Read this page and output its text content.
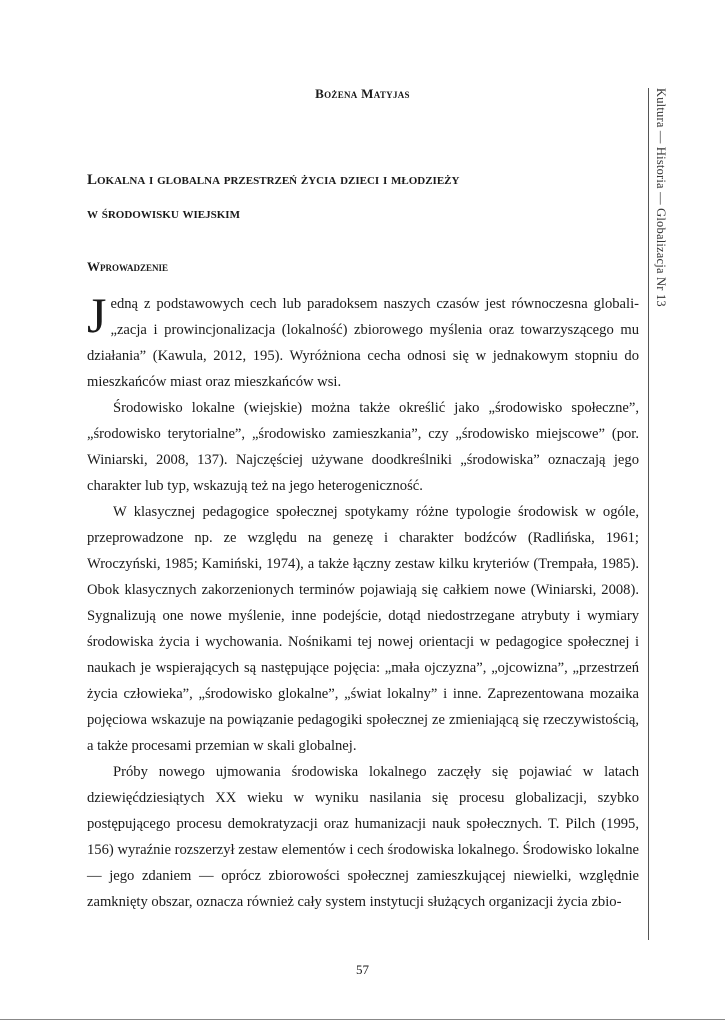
Bożena Matyjas
Lokalna i globalna przestrzeń życia dzieci i młodzieży
w środowisku wiejskim
Wprowadzenie

Jedną z podstawowych cech lub paradoksem naszych czasów jest równoczesna globali-„zacja i prowincjonalizacja (lokalność) zbiorowego myślenia oraz towarzyszącego mu działania” (Kawula, 2012, 195). Wyróżniona cecha odnosi się w jednakowym stopniu do mieszkańców miast oraz mieszkańców wsi.

Środowisko lokalne (wiejskie) można także określić jako „środowisko społeczne”, „środowisko terytorialne”, „środowisko zamieszkania”, czy „środowisko miejscowe” (por. Winiarski, 2008, 137). Najczęściej używane doodkreślniki „środowiska” oznaczają jego charakter lub typ, wskazują też na jego heterogeniczność.

W klasycznej pedagogice społecznej spotykamy różne typologie środowisk w ogóle, przeprowadzone np. ze względu na genezę i charakter bodźców (Radlińska, 1961; Wroczyński, 1985; Kamiński, 1974), a także łączny zestaw kilku kryteriów (Trempała, 1985). Obok klasycznych zakorzenionych terminów pojawiają się całkiem nowe (Winiarski, 2008). Sygnalizują one nowe myślenie, inne podejście, dotąd niedostrzegane atrybuty i wymiary środowiska życia i wychowania. Nośnikami tej nowej orientacji w pedagogice społecznej i naukach je wspierających są następujące pojęcia: „mała ojczyzna”, „ojcowizna”, „przestrzeń życia człowieka”, „środowisko glokalne”, „świat lokalny” i inne. Zaprezentowana mozaika pojęciowa wskazuje na powiązanie pedagogiki społecznej ze zmieniającą się rzeczywistością, a także procesami przemian w skali globalnej.

Próby nowego ujmowania środowiska lokalnego zaczęły się pojawiać w latach dziewięćdziesiątych XX wieku w wyniku nasilania się procesu globalizacji, szybko postępującego procesu demokratyzacji oraz humanizacji nauk społecznych. T. Pilch (1995, 156) wyraźnie rozszerzył zestaw elementów i cech środowiska lokalnego. Środowisko lokalne — jego zdaniem — oprócz zbiorowości społecznej zamieszkującej niewielki, względnie zamknięty obszar, oznacza również cały system instytucji służących organizacji życia zbio-

Kultura — Historia — Globalizacja Nr 13
57
